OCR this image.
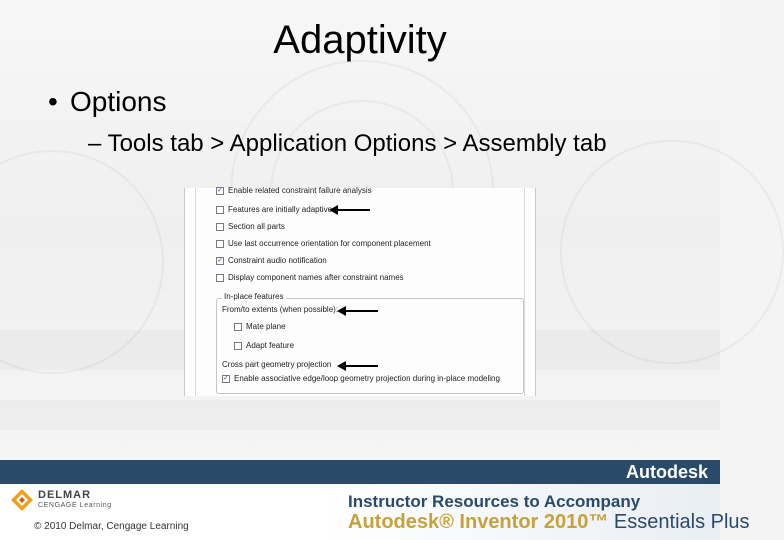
Adaptivity
• Options
– Tools tab > Application Options > Assembly tab
✓ Enable related constraint failure analysis
Features are initially adaptive
Section all parts
Use last occurrence orientation for component placement
✓ Constraint audio notification
Display component names after constraint names
In-place features
From/to extents (when possible):
Mate plane
Adapt feature
Cross part geometry projection
✓ Enable associative edge/loop geometry projection during in-place modeling
Autodesk
DELMAR
CENGAGE Learning
© 2010 Delmar, Cengage Learning
Instructor Resources to Accompany
Autodesk® Inventor 2010™ Essentials Plus
